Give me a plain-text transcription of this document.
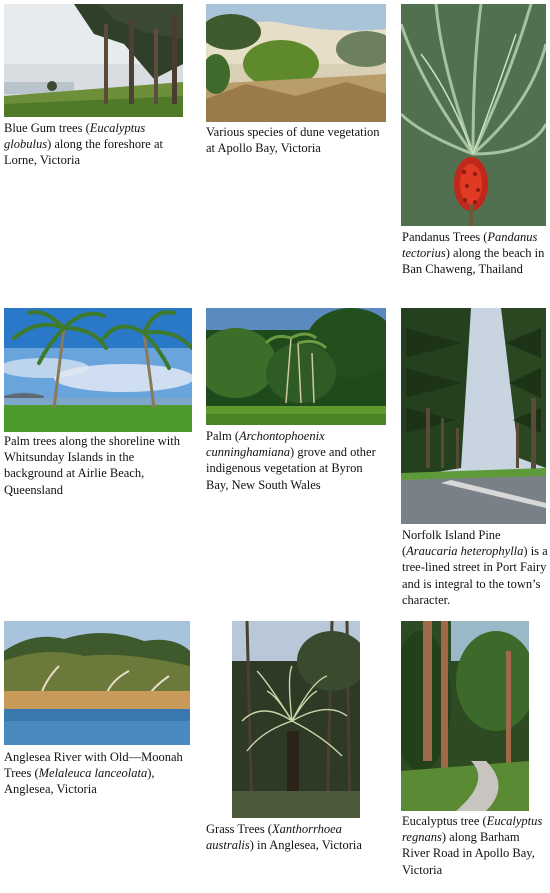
Blue Gum trees (Eucalyptus globulus) along the foreshore at Lorne, Victoria

Various species of dune vegetation at Apollo Bay, Victoria

Pandanus Trees (Pandanus tectorius) along the beach in Ban Chaweng, Thailand

Palm trees along the shoreline with Whitsunday Islands in the background at Airlie Beach, Queensland

Palm (Archontophoenix cunninghamiana) grove and other indigenous vegetation at Byron Bay, New South Wales

Norfolk Island Pine (Araucaria heterophylla) is a tree-lined street in Port Fairy and is integral to the town’s character.

Anglesea River with Old—Moonah Trees (Melaleuca lanceolata), Anglesea, Victoria

Grass Trees (Xanthorrhoea australis) in Anglesea, Victoria

Eucalyptus tree (Eucalyptus regnans) along Barham River Road in Apollo Bay, Victoria
